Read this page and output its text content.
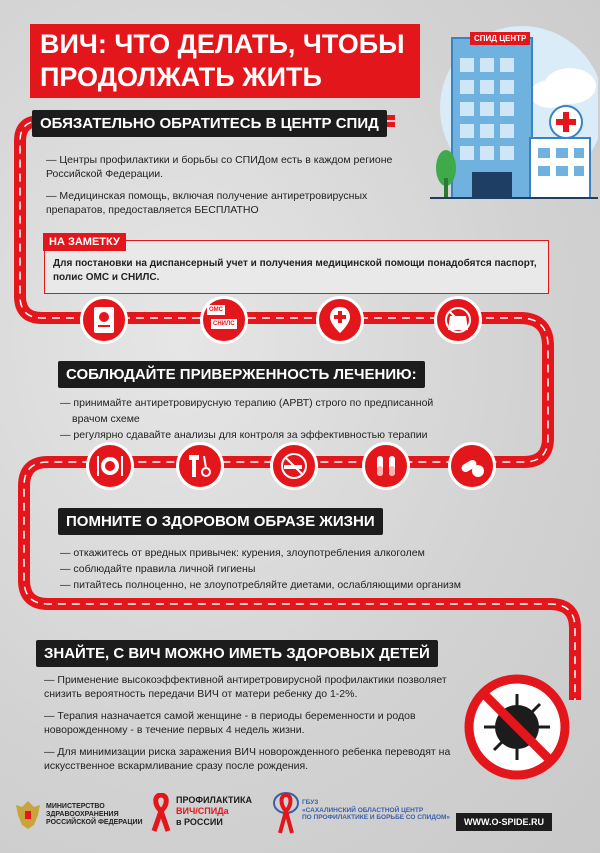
ВИЧ: ЧТО ДЕЛАТЬ, ЧТОБЫ
ПРОДОЛЖАТЬ ЖИТЬ
СПИД ЦЕНТР
ОБЯЗАТЕЛЬНО ОБРАТИТЕСЬ В ЦЕНТР СПИД

— Центры профилактики и борьбы со СПИДом есть в каждом регионе Российской Федерации.

— Медицинская помощь, включая получение антиретровирусных препаратов, предоставляется БЕСПЛАТНО

НА ЗАМЕТКУ
Для постановки на диспансерный учет и получения медицинской помощи понадобятся паспорт, полис ОМС и СНИЛС.
ОМС
СНИЛС
СОБЛЮДАЙТЕ ПРИВЕРЖЕННОСТЬ ЛЕЧЕНИЮ:

— принимайте антиретровирусную терапию (АРВТ) строго по предписанной

врачом схеме

— регулярно сдавайте анализы для контроля за эффективностью терапии

ПОМНИТЕ О ЗДОРОВОМ ОБРАЗЕ ЖИЗНИ

— откажитесь от вредных привычек: курения, злоупотребления алкоголем

— соблюдайте правила личной гигиены

— питайтесь полноценно, не злоупотребляйте диетами, ослабляющими организм

ЗНАЙТЕ, С ВИЧ МОЖНО ИМЕТЬ ЗДОРОВЫХ ДЕТЕЙ

— Применение высокоэффективной антиретровирусной профилактики позволяет снизить вероятность передачи ВИЧ от матери ребенку до 1-2%.

— Терапия назначается самой женщине - в периоды беременности и родов новорожденному - в течение первых 4 недель жизни.

— Для минимизации риска заражения ВИЧ новорожденного ребенка переводят на искусственное вскармливание сразу после рождения.

МИНИСТЕРСТВО
ЗДРАВООХРАНЕНИЯ
РОССИЙСКОЙ ФЕДЕРАЦИИ
ПРОФИЛАКТИКА
ВИЧ/СПИДа
в РОССИИ
ГБУЗ
«САХАЛИНСКИЙ ОБЛАСТНОЙ ЦЕНТР
ПО ПРОФИЛАКТИКЕ И БОРЬБЕ СО СПИДОМ»	WWW.O-SPIDE.RU
